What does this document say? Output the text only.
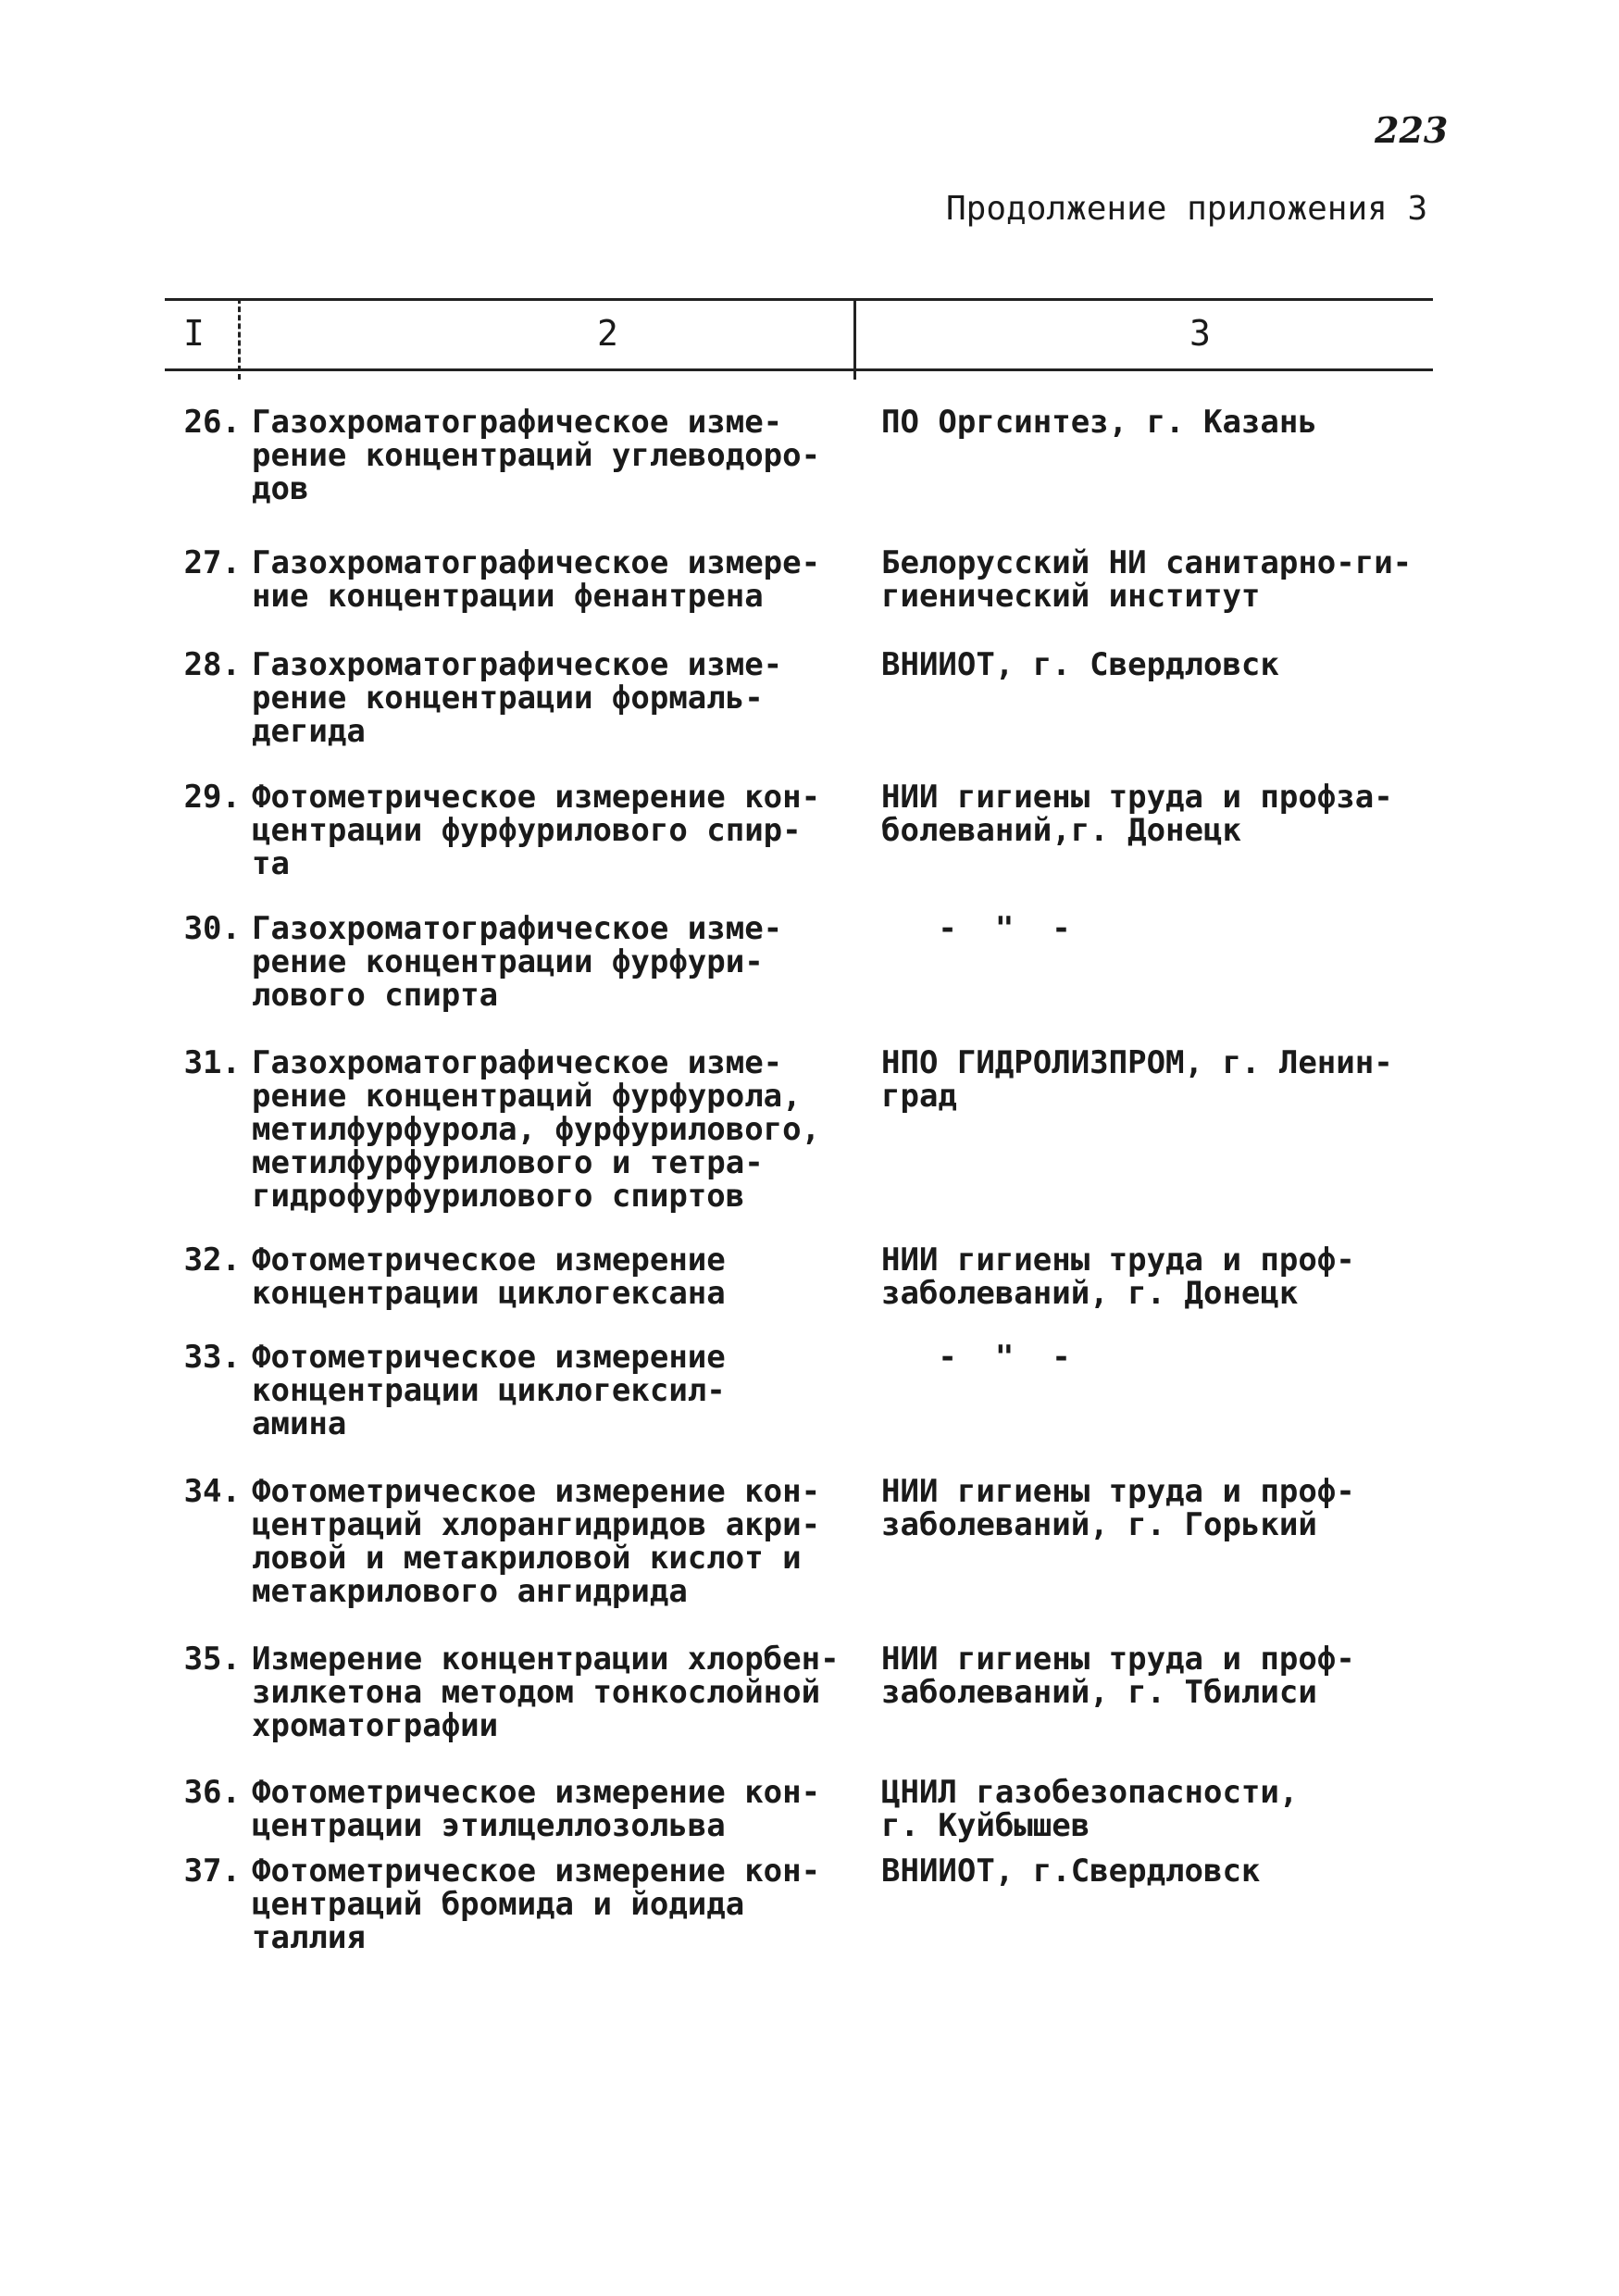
223
Продолжение приложения 3
I	2	3
26. Газохроматографическое изме-
рение концентраций углеводоро-
дов
ПО Оргсинтез, г. Казань
27. Газохроматографическое измере-
ние концентрации фенантрена
Белорусский НИ санитарно-ги-
гиенический институт
28. Газохроматографическое изме-
рение концентрации формаль-
дегида
ВНИИОТ, г. Свердловск
29. Фотометрическое измерение кон-
центрации фурфурилового спир-
та
НИИ гигиены труда и профза-
болеваний,г. Донецк
30. Газохроматографическое изме-
рение концентрации фурфури-
лового спирта
-  "  -
31. Газохроматографическое изме-
рение концентраций фурфурола,
метилфурфурола, фурфурилового,
метилфурфурилового и тетра-
гидрофурфурилового спиртов
НПО ГИДРОЛИЗПРОМ, г. Ленин-
град
32. Фотометрическое измерение
концентрации циклогексана
НИИ гигиены труда и проф-
заболеваний, г. Донецк
33. Фотометрическое измерение
концентрации циклогексил-
амина
-  "  -
34. Фотометрическое измерение кон-
центраций хлорангидридов акри-
ловой и метакриловой кислот и
метакрилового ангидрида
НИИ гигиены труда и проф-
заболеваний, г. Горький
35. Измерение концентрации хлорбен-
зилкетона методом тонкослойной
хроматографии
НИИ гигиены труда и проф-
заболеваний, г. Тбилиси
36. Фотометрическое измерение кон-
центрации этилцеллозольва
ЦНИЛ газобезопасности,
г. Куйбышев
37. Фотометрическое измерение кон-
центраций бромида и йодида
таллия
ВНИИОТ, г.Свердловск
